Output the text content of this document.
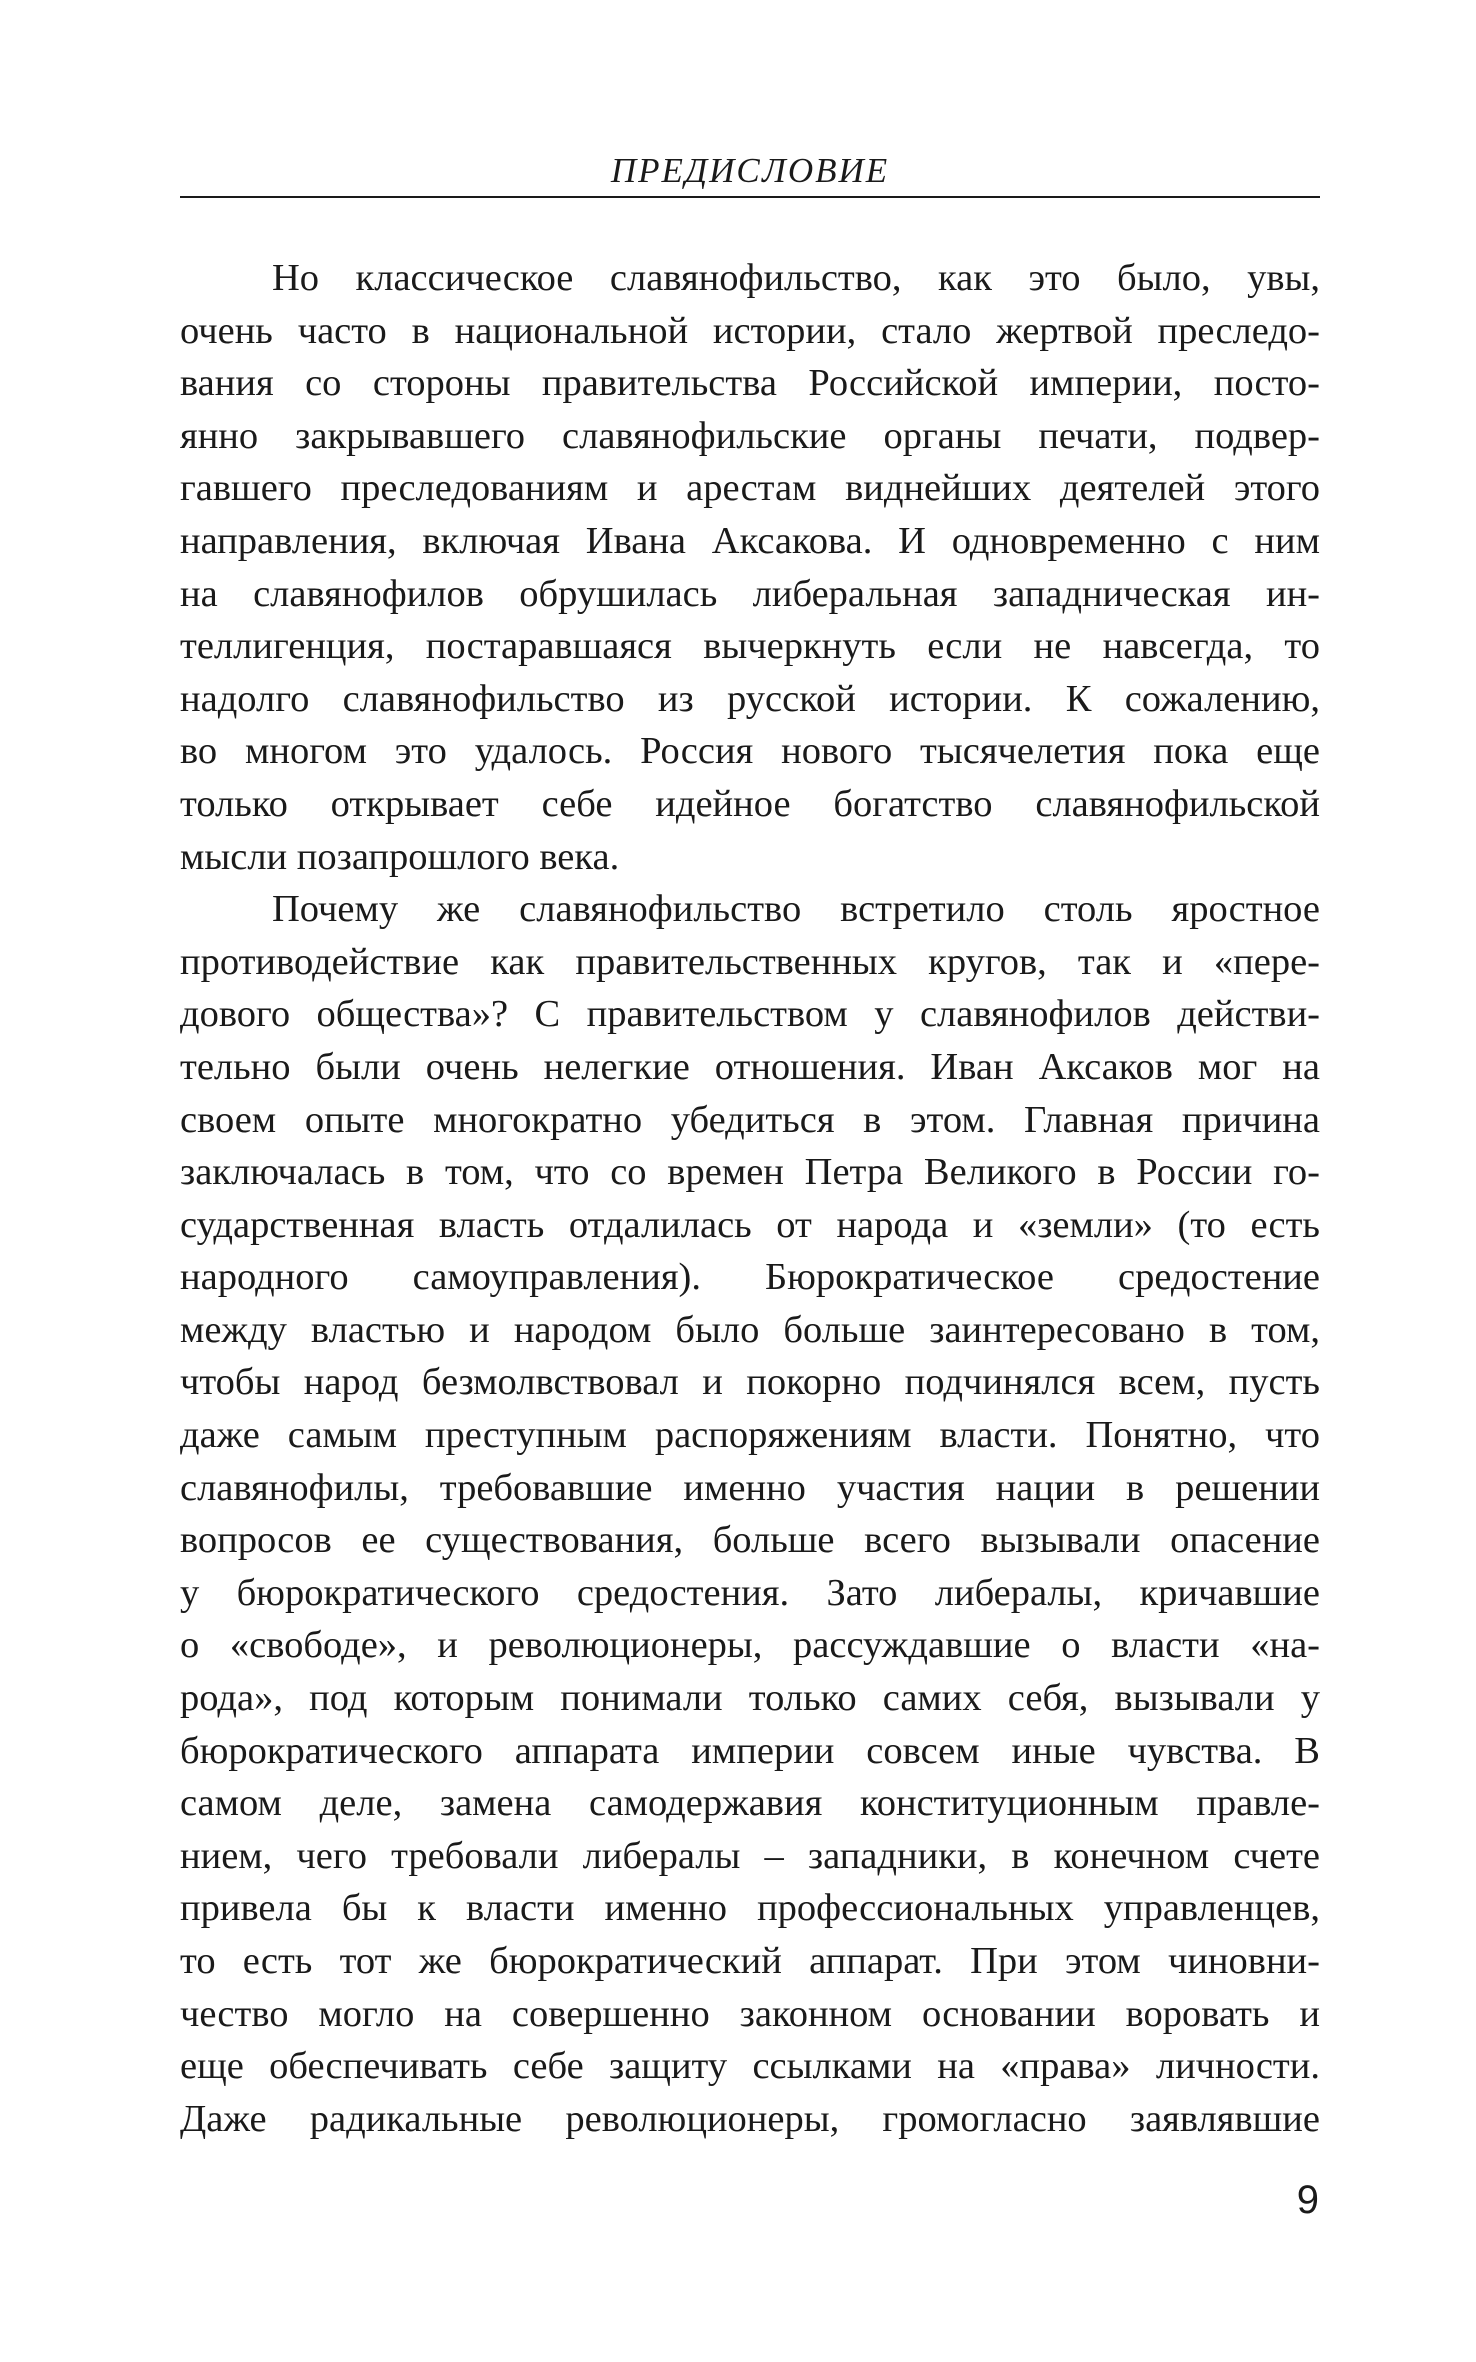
ПРЕДИСЛОВИЕ
Но классическое славянофильство, как это было, увы,
очень часто в национальной истории, стало жертвой преследо-
вания со стороны правительства Российской империи, посто-
янно закрывавшего славянофильские органы печати, подвер-
гавшего преследованиям и арестам виднейших деятелей этого
направления, включая Ивана Аксакова. И одновременно с ним
на славянофилов обрушилась либеральная западническая ин-
теллигенция, постаравшаяся вычеркнуть если не навсегда, то
надолго славянофильство из русской истории. К сожалению,
во многом это удалось. Россия нового тысячелетия пока еще
только открывает себе идейное богатство славянофильской
мысли позапрошлого века.
Почему же славянофильство встретило столь яростное
противодействие как правительственных кругов, так и «пере-
дового общества»? С правительством у славянофилов действи-
тельно были очень нелегкие отношения. Иван Аксаков мог на
своем опыте многократно убедиться в этом. Главная причина
заключалась в том, что со времен Петра Великого в России го-
сударственная власть отдалилась от народа и «земли» (то есть
народного самоуправления). Бюрократическое средостение
между властью и народом было больше заинтересовано в том,
чтобы народ безмолвствовал и покорно подчинялся всем, пусть
даже самым преступным распоряжениям власти. Понятно, что
славянофилы, требовавшие именно участия нации в решении
вопросов ее существования, больше всего вызывали опасение
у бюрократического средостения. Зато либералы, кричавшие
о «свободе», и революционеры, рассуждавшие о власти «на-
рода», под которым понимали только самих себя, вызывали у
бюрократического аппарата империи совсем иные чувства. В
самом деле, замена самодержавия конституционным правле-
нием, чего требовали либералы – западники, в конечном счете
привела бы к власти именно профессиональных управленцев,
то есть тот же бюрократический аппарат. При этом чиновни-
чество могло на совершенно законном основании воровать и
еще обеспечивать себе защиту ссылками на «права» личности.
Даже радикальные революционеры, громогласно заявлявшие
9
